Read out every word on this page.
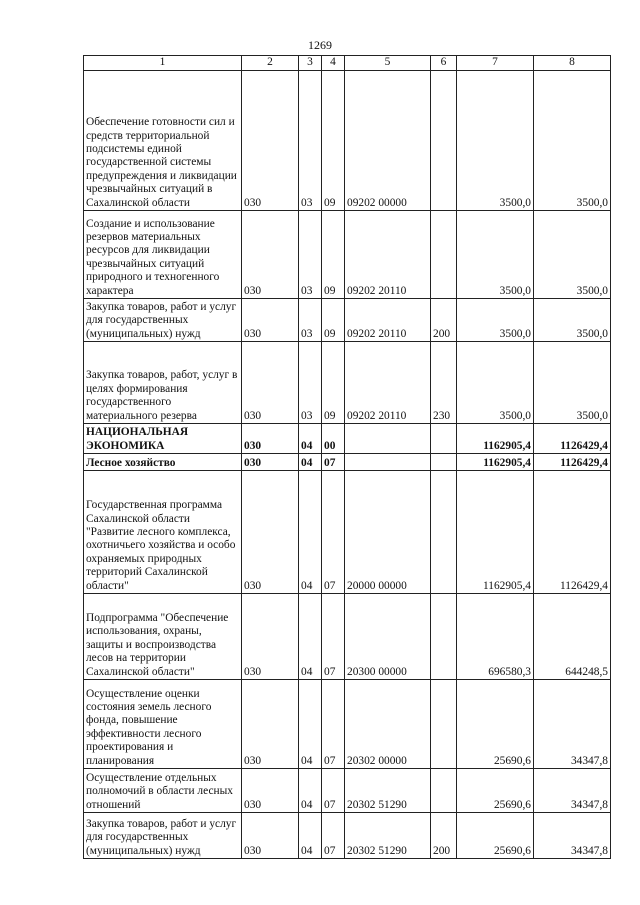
1269
1	2	3	4	5	6	7	8
Обеспечение готовности сил и средств территориальной подсистемы единой государственной системы предупреждения и ликвидации чрезвычайных ситуаций в Сахалинской области	030	03	09	09202 00000		3500,0	3500,0
Создание и использование резервов материальных ресурсов для ликвидации чрезвычайных ситуаций природного и техногенного характера	030	03	09	09202 20110		3500,0	3500,0
Закупка товаров, работ и услуг для государственных (муниципальных) нужд	030	03	09	09202 20110	200	3500,0	3500,0
Закупка товаров, работ, услуг в целях формирования государственного материального резерва	030	03	09	09202 20110	230	3500,0	3500,0
НАЦИОНАЛЬНАЯ ЭКОНОМИКА	030	04	00			1162905,4	1126429,4
Лесное хозяйство	030	04	07			1162905,4	1126429,4
Государственная программа Сахалинской области "Развитие лесного комплекса, охотничьего хозяйства и особо охраняемых природных территорий Сахалинской области"	030	04	07	20000 00000		1162905,4	1126429,4
Подпрограмма "Обеспечение использования, охраны, защиты и воспроизводства лесов на территории Сахалинской области"	030	04	07	20300 00000		696580,3	644248,5
Осуществление оценки состояния земель лесного фонда, повышение эффективности лесного проектирования и планирования	030	04	07	20302 00000		25690,6	34347,8
Осуществление отдельных полномочий в области лесных отношений	030	04	07	20302 51290		25690,6	34347,8
Закупка товаров, работ и услуг для государственных (муниципальных) нужд	030	04	07	20302 51290	200	25690,6	34347,8
